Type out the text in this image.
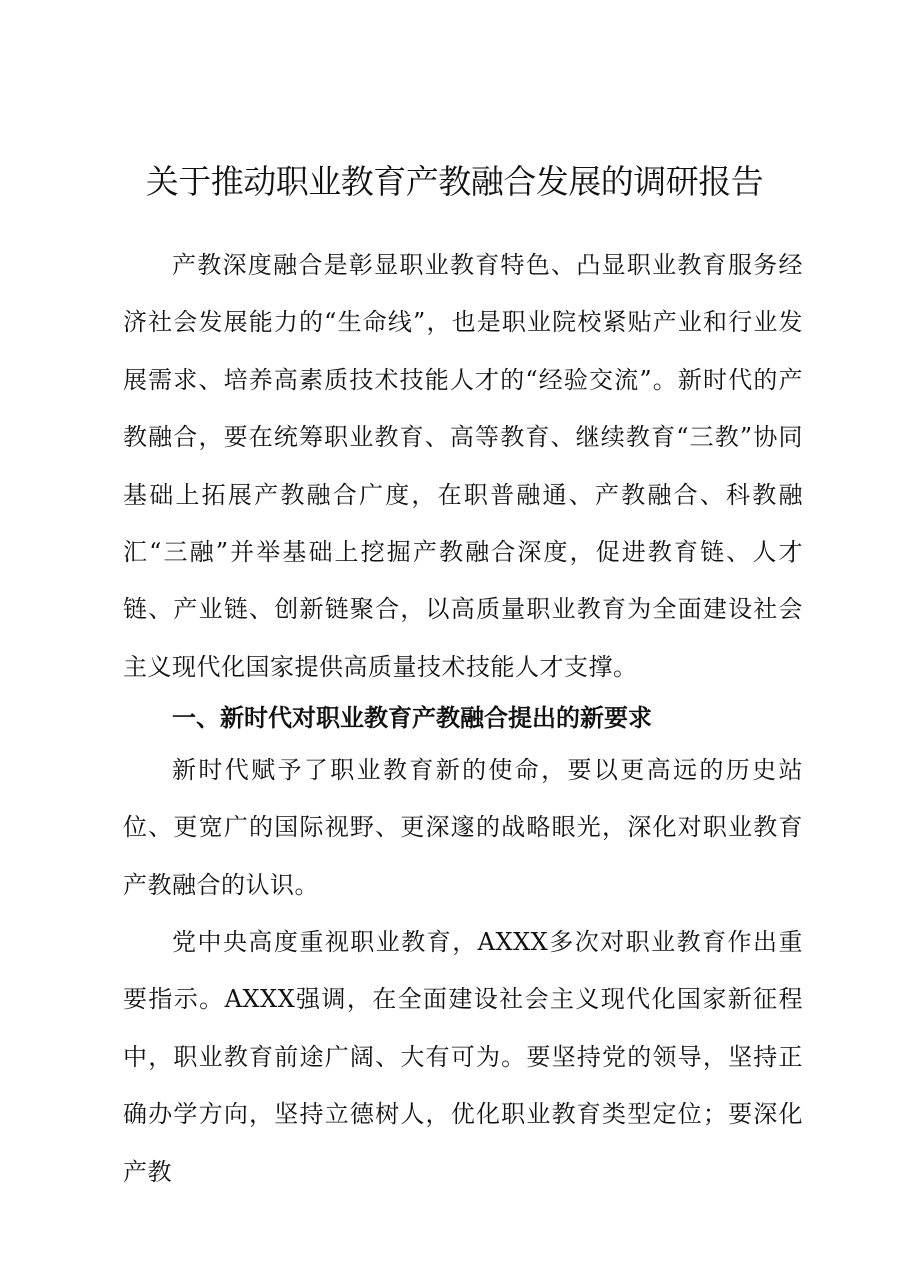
关于推动职业教育产教融合发展的调研报告

产教深度融合是彰显职业教育特色、凸显职业教育服务经济社会发展能力的“生命线”，也是职业院校紧贴产业和行业发展需求、培养高素质技术技能人才的“经验交流”。新时代的产教融合，要在统筹职业教育、高等教育、继续教育“三教”协同基础上拓展产教融合广度，在职普融通、产教融合、科教融汇“三融”并举基础上挖掘产教融合深度，促进教育链、人才链、产业链、创新链聚合，以高质量职业教育为全面建设社会主义现代化国家提供高质量技术技能人才支撑。

一、新时代对职业教育产教融合提出的新要求

新时代赋予了职业教育新的使命，要以更高远的历史站位、更宽广的国际视野、更深邃的战略眼光，深化对职业教育产教融合的认识。

党中央高度重视职业教育，AXXX多次对职业教育作出重要指示。AXXX强调，在全面建设社会主义现代化国家新征程中，职业教育前途广阔、大有可为。要坚持党的领导，坚持正确办学方向，坚持立德树人，优化职业教育类型定位；要深化产教
